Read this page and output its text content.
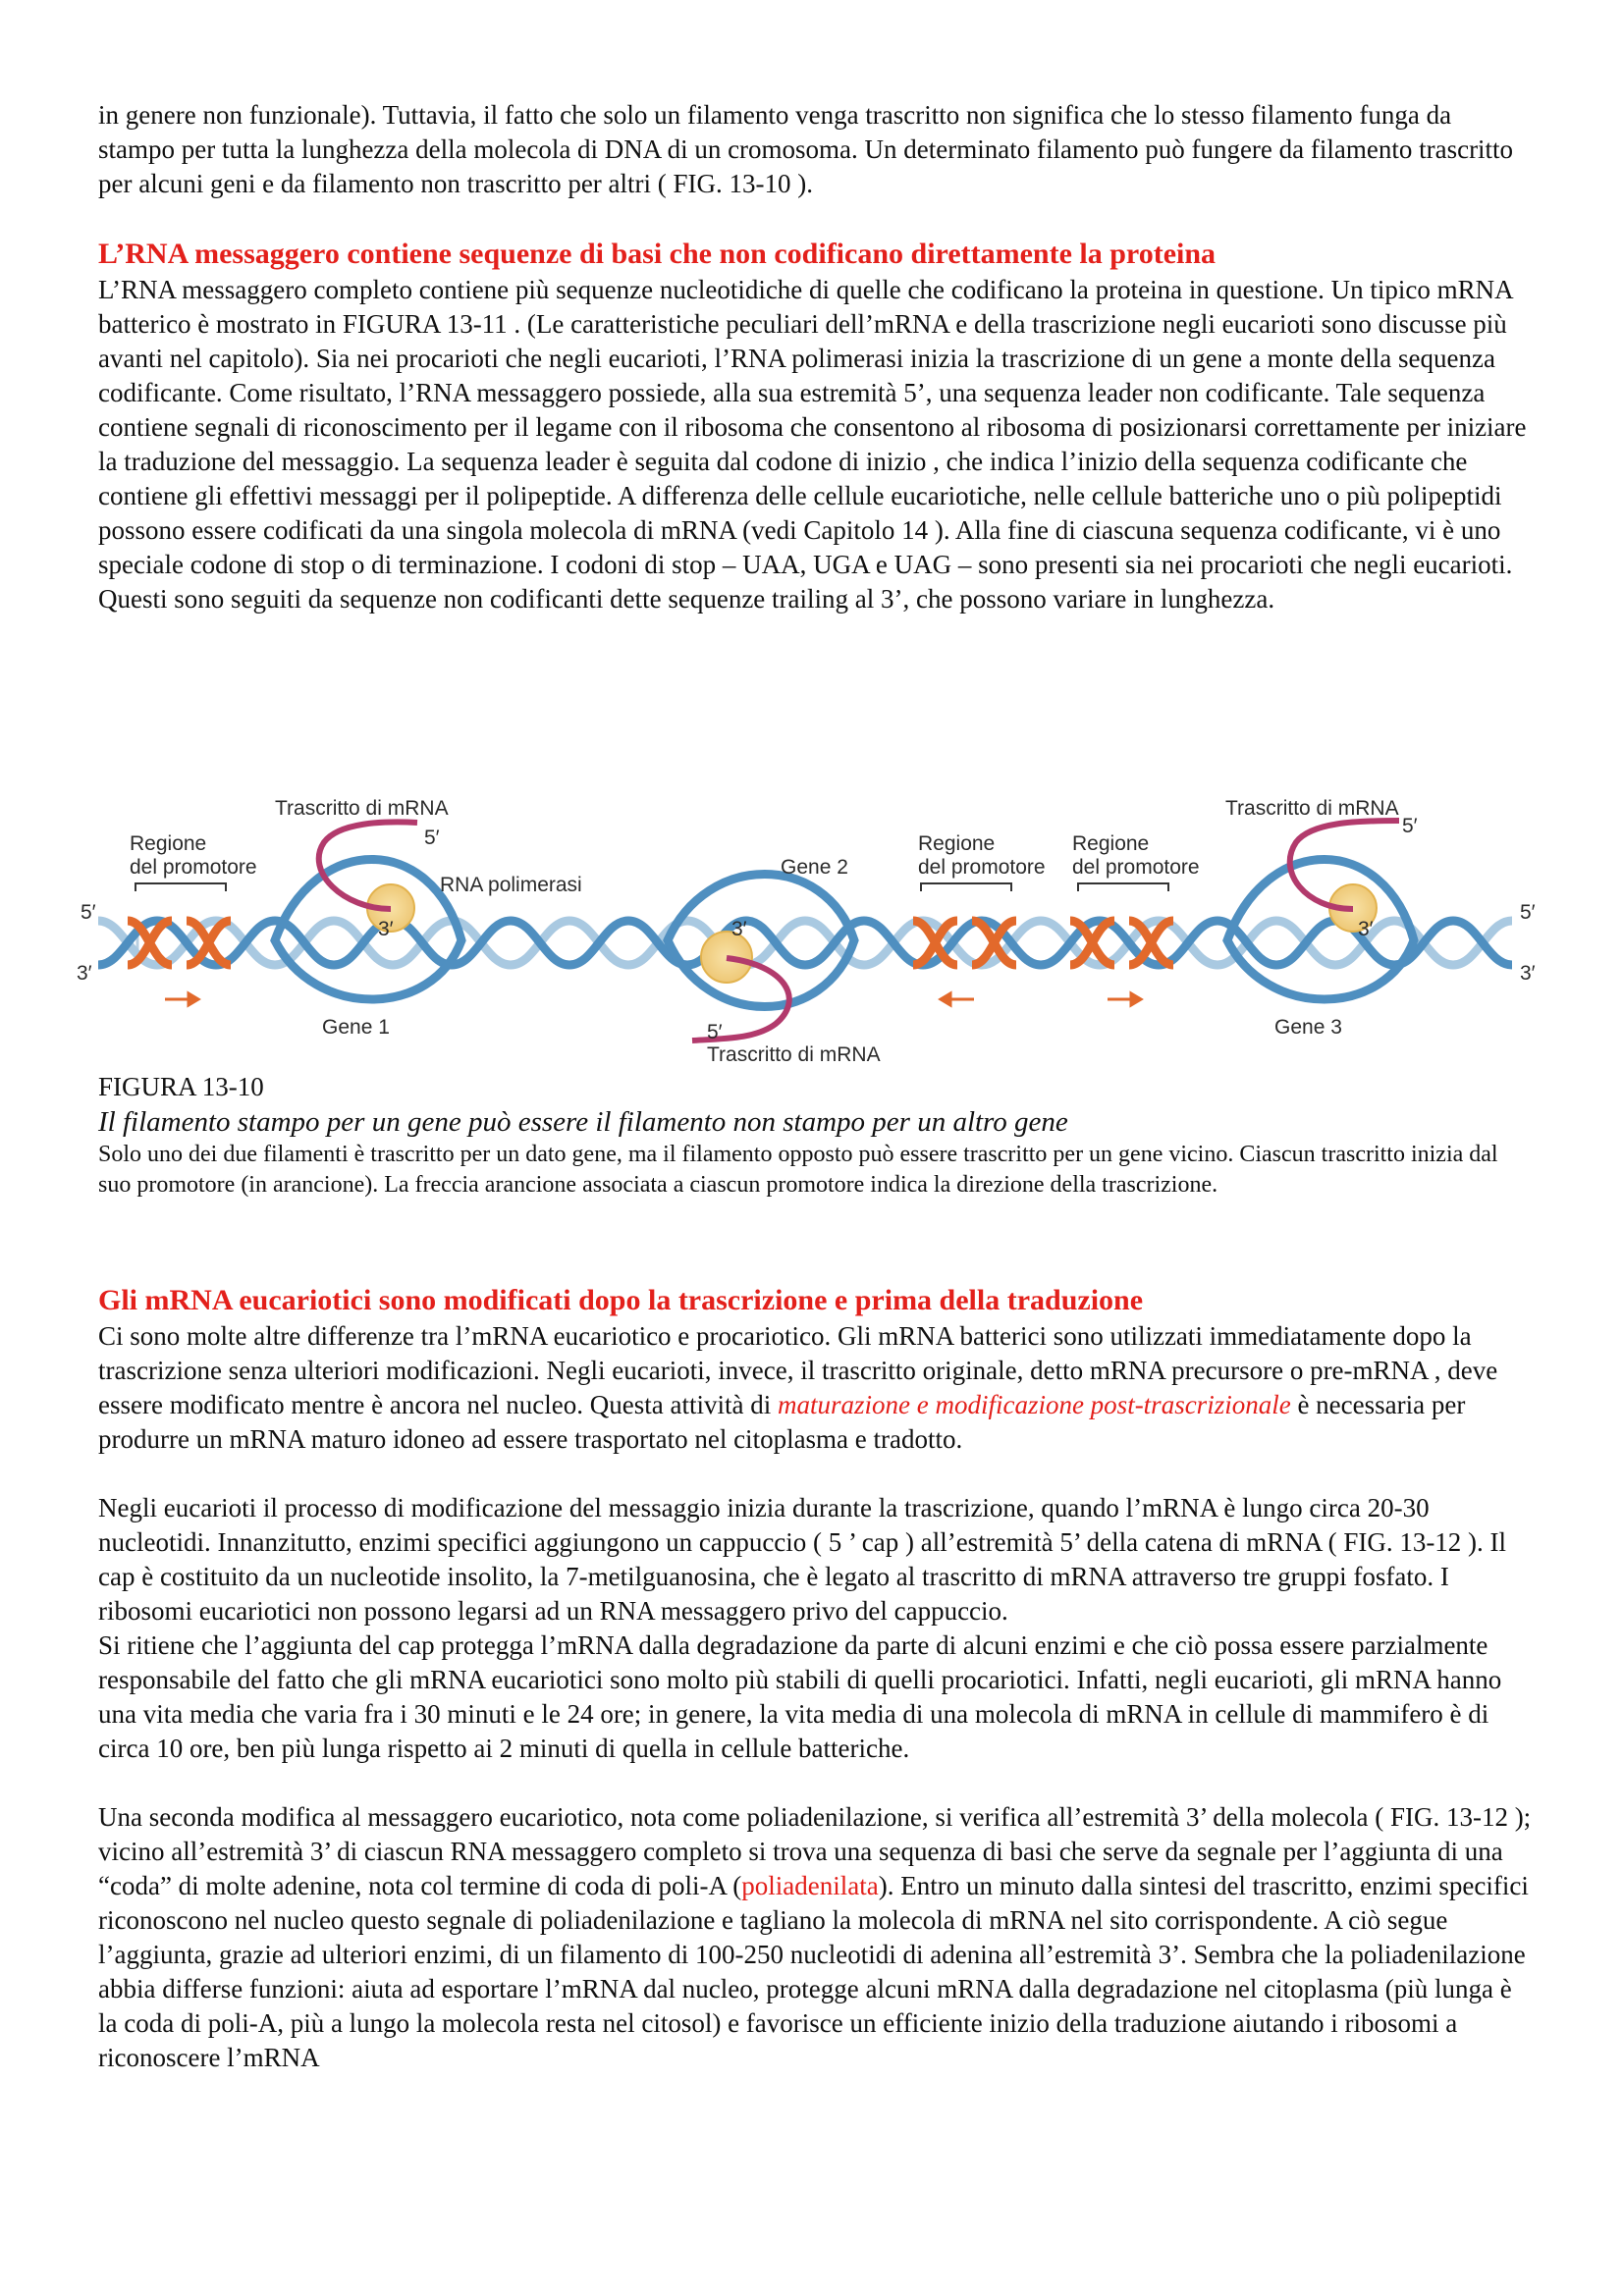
in genere non funzionale). Tuttavia, il fatto che solo un filamento venga trascritto non significa che lo stesso filamento funga da stampo per tutta la lunghezza della molecola di DNA di un cromosoma. Un determinato filamento può fungere da filamento trascritto per alcuni geni e da filamento non trascritto per altri ( FIG. 13-10 ).

L’RNA messaggero contiene sequenze di basi che non codificano direttamente la proteina

L’RNA messaggero completo contiene più sequenze nucleotidiche di quelle che codificano la proteina in questione. Un tipico mRNA batterico è mostrato in FIGURA 13-11 . (Le caratteristiche peculiari dell’mRNA e della trascrizione negli eucarioti sono discusse più avanti nel capitolo). Sia nei procarioti che negli eucarioti, l’RNA polimerasi inizia la trascrizione di un gene a monte della sequenza codificante. Come risultato, l’RNA messaggero possiede, alla sua estremità 5’, una sequenza leader non codificante. Tale sequenza contiene segnali di riconoscimento per il legame con il ribosoma che consentono al ribosoma di posizionarsi correttamente per iniziare la traduzione del messaggio. La sequenza leader è seguita dal codone di inizio , che indica l’inizio della sequenza codificante che contiene gli effettivi messaggi per il polipeptide. A differenza delle cellule eucariotiche, nelle cellule batteriche uno o più polipeptidi possono essere codificati da una singola molecola di mRNA (vedi Capitolo 14 ). Alla fine di ciascuna sequenza codificante, vi è uno speciale codone di stop o di terminazione. I codoni di stop – UAA, UGA e UAG – sono presenti sia nei procarioti che negli eucarioti. Questi sono seguiti da sequenze non codificanti dette sequenze trailing al 3’, che possono variare in lunghezza.

Trascritto di mRNA
5′
Regione del promotore
RNA polimerasi
5′
3′
3′
Gene 1
Gene 2
3′
5′
Trascritto di mRNA
Regione del promotore
Regione del promotore
Trascritto di mRNA
5′
3′
Gene 3
5′
3′

FIGURA 13-10

Il filamento stampo per un gene può essere il filamento non stampo per un altro gene

Solo uno dei due filamenti è trascritto per un dato gene, ma il filamento opposto può essere trascritto per un gene vicino. Ciascun trascritto inizia dal suo promotore (in arancione). La freccia arancione associata a ciascun promotore indica la direzione della trascrizione.

Gli mRNA eucariotici sono modificati dopo la trascrizione e prima della traduzione

Ci sono molte altre differenze tra l’mRNA eucariotico e procariotico. Gli mRNA batterici sono utilizzati immediatamente dopo la trascrizione senza ulteriori modificazioni. Negli eucarioti, invece, il trascritto originale, detto mRNA precursore o pre-mRNA , deve essere modificato mentre è ancora nel nucleo. Questa attività di maturazione e modificazione post-trascrizionale è necessaria per produrre un mRNA maturo idoneo ad essere trasportato nel citoplasma e tradotto.

Negli eucarioti il processo di modificazione del messaggio inizia durante la trascrizione, quando l’mRNA è lungo circa 20-30 nucleotidi. Innanzitutto, enzimi specifici aggiungono un cappuccio ( 5 ’ cap ) all’estremità 5’ della catena di mRNA ( FIG. 13-12 ). Il cap è costituito da un nucleotide insolito, la 7-metilguanosina, che è legato al trascritto di mRNA attraverso tre gruppi fosfato. I ribosomi eucariotici non possono legarsi ad un RNA messaggero privo del cappuccio.

Si ritiene che l’aggiunta del cap protegga l’mRNA dalla degradazione da parte di alcuni enzimi e che ciò possa essere parzialmente responsabile del fatto che gli mRNA eucariotici sono molto più stabili di quelli procariotici. Infatti, negli eucarioti, gli mRNA hanno una vita media che varia fra i 30 minuti e le 24 ore; in genere, la vita media di una molecola di mRNA in cellule di mammifero è di circa 10 ore, ben più lunga rispetto ai 2 minuti di quella in cellule batteriche.

Una seconda modifica al messaggero eucariotico, nota come poliadenilazione, si verifica all’estremità 3’ della molecola ( FIG. 13-12 ); vicino all’estremità 3’ di ciascun RNA messaggero completo si trova una sequenza di basi che serve da segnale per l’aggiunta di una “coda” di molte adenine, nota col termine di coda di poli-A (poliadenilata). Entro un minuto dalla sintesi del trascritto, enzimi specifici riconoscono nel nucleo questo segnale di poliadenilazione e tagliano la molecola di mRNA nel sito corrispondente. A ciò segue l’aggiunta, grazie ad ulteriori enzimi, di un filamento di 100-250 nucleotidi di adenina all’estremità 3’. Sembra che la poliadenilazione abbia differse funzioni: aiuta ad esportare l’mRNA dal nucleo, protegge alcuni mRNA dalla degradazione nel citoplasma (più lunga è la coda di poli-A, più a lungo la molecola resta nel citosol) e favorisce un efficiente inizio della traduzione aiutando i ribosomi a riconoscere l’mRNA
